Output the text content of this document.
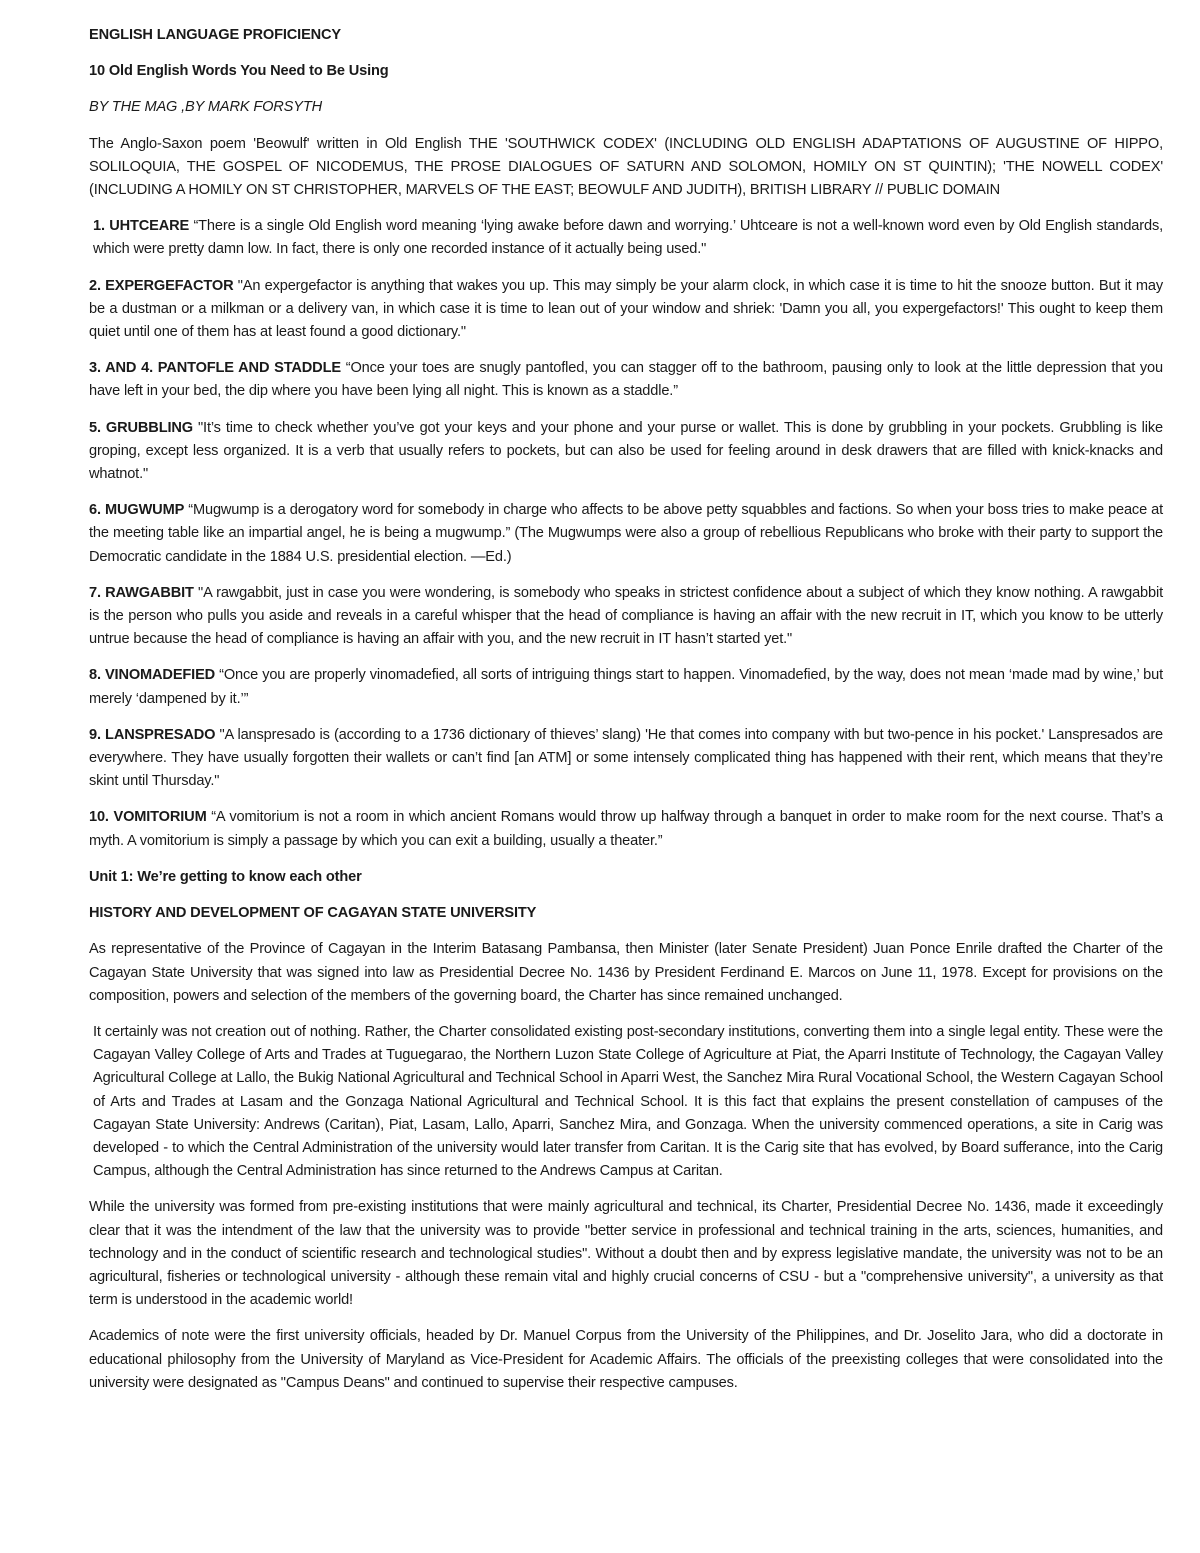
ENGLISH LANGUAGE PROFICIENCY
10 Old English Words You Need to Be Using
BY THE MAG ,BY MARK FORSYTH

The Anglo-Saxon poem 'Beowulf' written in Old English THE 'SOUTHWICK CODEX' (INCLUDING OLD ENGLISH ADAPTATIONS OF AUGUSTINE OF HIPPO, SOLILOQUIA, THE GOSPEL OF NICODEMUS, THE PROSE DIALOGUES OF SATURN AND SOLOMON, HOMILY ON ST QUINTIN); 'THE NOWELL CODEX' (INCLUDING A HOMILY ON ST CHRISTOPHER, MARVELS OF THE EAST; BEOWULF AND JUDITH), BRITISH LIBRARY // PUBLIC DOMAIN

1. UHTCEARE “There is a single Old English word meaning ‘lying awake before dawn and worrying.’ Uhtceare is not a well-known word even by Old English standards, which were pretty damn low. In fact, there is only one recorded instance of it actually being used."

2. EXPERGEFACTOR "An expergefactor is anything that wakes you up. This may simply be your alarm clock, in which case it is time to hit the snooze button. But it may be a dustman or a milkman or a delivery van, in which case it is time to lean out of your window and shriek: 'Damn you all, you expergefactors!' This ought to keep them quiet until one of them has at least found a good dictionary."

3. AND 4. PANTOFLE AND STADDLE “Once your toes are snugly pantofled, you can stagger off to the bathroom, pausing only to look at the little depression that you have left in your bed, the dip where you have been lying all night. This is known as a staddle.”

5. GRUBBLING "It’s time to check whether you’ve got your keys and your phone and your purse or wallet. This is done by grubbling in your pockets. Grubbling is like groping, except less organized. It is a verb that usually refers to pockets, but can also be used for feeling around in desk drawers that are filled with knick-knacks and whatnot."

6. MUGWUMP “Mugwump is a derogatory word for somebody in charge who affects to be above petty squabbles and factions. So when your boss tries to make peace at the meeting table like an impartial angel, he is being a mugwump.” (The Mugwumps were also a group of rebellious Republicans who broke with their party to support the Democratic candidate in the 1884 U.S. presidential election. —Ed.)

7. RAWGABBIT "A rawgabbit, just in case you were wondering, is somebody who speaks in strictest confidence about a subject of which they know nothing. A rawgabbit is the person who pulls you aside and reveals in a careful whisper that the head of compliance is having an affair with the new recruit in IT, which you know to be utterly untrue because the head of compliance is having an affair with you, and the new recruit in IT hasn’t started yet."

8. VINOMADEFIED “Once you are properly vinomadefied, all sorts of intriguing things start to happen. Vinomadefied, by the way, does not mean ‘made mad by wine,’ but merely ‘dampened by it.’”

9. LANSPRESADO "A lanspresado is (according to a 1736 dictionary of thieves’ slang) 'He that comes into company with but two-pence in his pocket.' Lanspresados are everywhere. They have usually forgotten their wallets or can’t find [an ATM] or some intensely complicated thing has happened with their rent, which means that they’re skint until Thursday."

10. VOMITORIUM “A vomitorium is not a room in which ancient Romans would throw up halfway through a banquet in order to make room for the next course. That’s a myth. A vomitorium is simply a passage by which you can exit a building, usually a theater.”

Unit 1: We’re getting to know each other
HISTORY AND DEVELOPMENT OF CAGAYAN STATE UNIVERSITY

As representative of the Province of Cagayan in the Interim Batasang Pambansa, then Minister (later Senate President) Juan Ponce Enrile drafted the Charter of the Cagayan State University that was signed into law as Presidential Decree No. 1436 by President Ferdinand E. Marcos on June 11, 1978. Except for provisions on the composition, powers and selection of the members of the governing board, the Charter has since remained unchanged.

It certainly was not creation out of nothing. Rather, the Charter consolidated existing post-secondary institutions, converting them into a single legal entity. These were the Cagayan Valley College of Arts and Trades at Tuguegarao, the Northern Luzon State College of Agriculture at Piat, the Aparri Institute of Technology, the Cagayan Valley Agricultural College at Lallo, the Bukig National Agricultural and Technical School in Aparri West, the Sanchez Mira Rural Vocational School, the Western Cagayan School of Arts and Trades at Lasam and the Gonzaga National Agricultural and Technical School. It is this fact that explains the present constellation of campuses of the Cagayan State University: Andrews (Caritan), Piat, Lasam, Lallo, Aparri, Sanchez Mira, and Gonzaga. When the university commenced operations, a site in Carig was developed - to which the Central Administration of the university would later transfer from Caritan. It is the Carig site that has evolved, by Board sufferance, into the Carig Campus, although the Central Administration has since returned to the Andrews Campus at Caritan.

While the university was formed from pre-existing institutions that were mainly agricultural and technical, its Charter, Presidential Decree No. 1436, made it exceedingly clear that it was the intendment of the law that the university was to provide "better service in professional and technical training in the arts, sciences, humanities, and technology and in the conduct of scientific research and technological studies". Without a doubt then and by express legislative mandate, the university was not to be an agricultural, fisheries or technological university - although these remain vital and highly crucial concerns of CSU - but a "comprehensive university", a university as that term is understood in the academic world!

Academics of note were the first university officials, headed by Dr. Manuel Corpus from the University of the Philippines, and Dr. Joselito Jara, who did a doctorate in educational philosophy from the University of Maryland as Vice-President for Academic Affairs. The officials of the preexisting colleges that were consolidated into the university were designated as "Campus Deans" and continued to supervise their respective campuses.
